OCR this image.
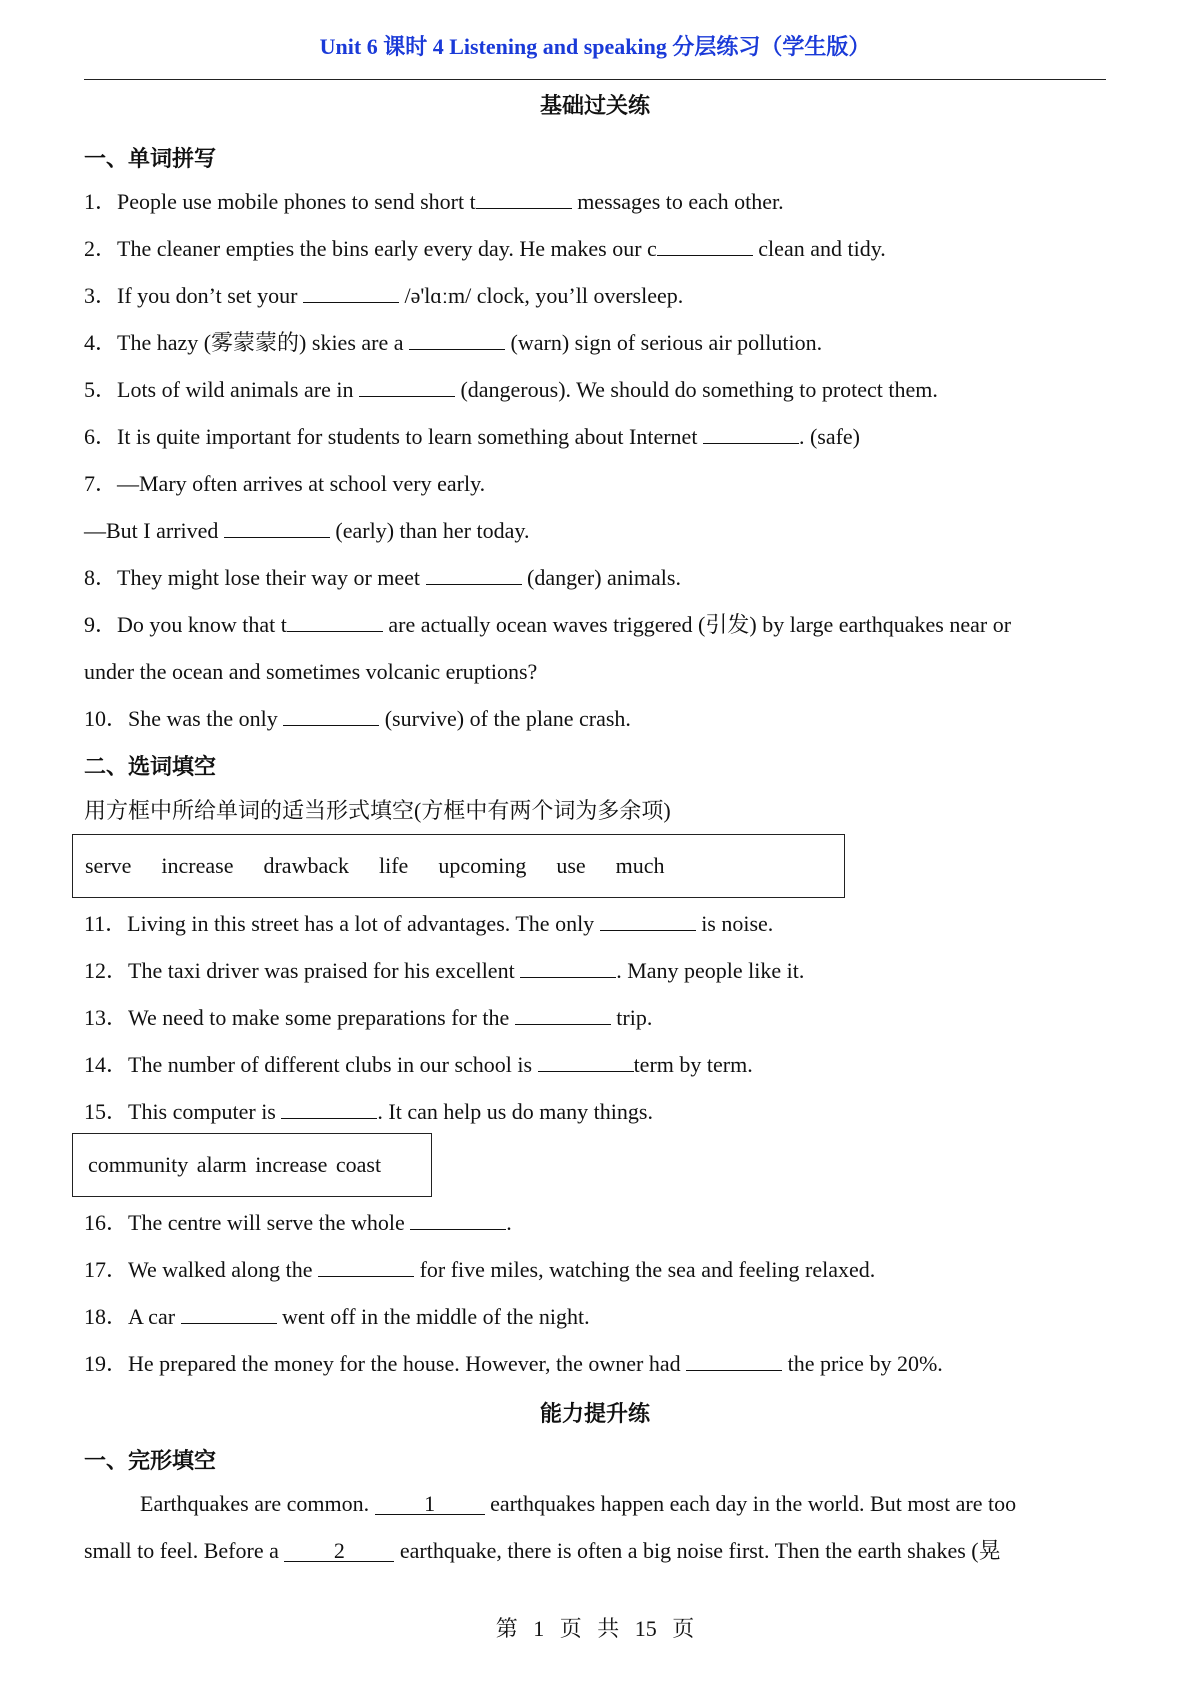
Unit 6 课时 4 Listening and speaking 分层练习（学生版）
基础过关练
一、单词拼写
1．People use mobile phones to send short t	messages to each other.
2．The cleaner empties the bins early every day. He makes our c	clean and tidy.
3．If you don’t set your	/ə'lɑːm/ clock, you’ll oversleep.
4．The hazy (雾蒙蒙的) skies are a	(warn) sign of serious air pollution.
5．Lots of wild animals are in	(dangerous). We should do something to protect them.
6．It is quite important for students to learn something about Internet	. (safe)
7．—Mary often arrives at school very early.
—But I arrived	(early) than her today.
8．They might lose their way or meet	(danger) animals.
9．Do you know that t	are actually ocean waves triggered (引发) by large earthquakes near or
under the ocean and sometimes volcanic eruptions?
10．She was the only	(survive) of the plane crash.
二、选词填空
用方框中所给单词的适当形式填空(方框中有两个词为多余项)
serve increase drawback life upcoming use much
11．Living in this street has a lot of advantages. The only	is noise.
12．The taxi driver was praised for his excellent	. Many people like it.
13．We need to make some preparations for the	trip.
14．The number of different clubs in our school is	term by term.
15．This computer is	. It can help us do many things.
community alarm increase coast
16．The centre will serve the whole	.
17．We walked along the	for five miles, watching the sea and feeling relaxed.
18．A car	went off in the middle of the night.
19．He prepared the money for the house. However, the owner had	the price by 20%.
能力提升练
一、完形填空
Earthquakes are common. 1 earthquakes happen each day in the world. But most are too
small to feel. Before a 2 earthquake, there is often a big noise first. Then the earth shakes (晃
第 1 页 共 15 页
